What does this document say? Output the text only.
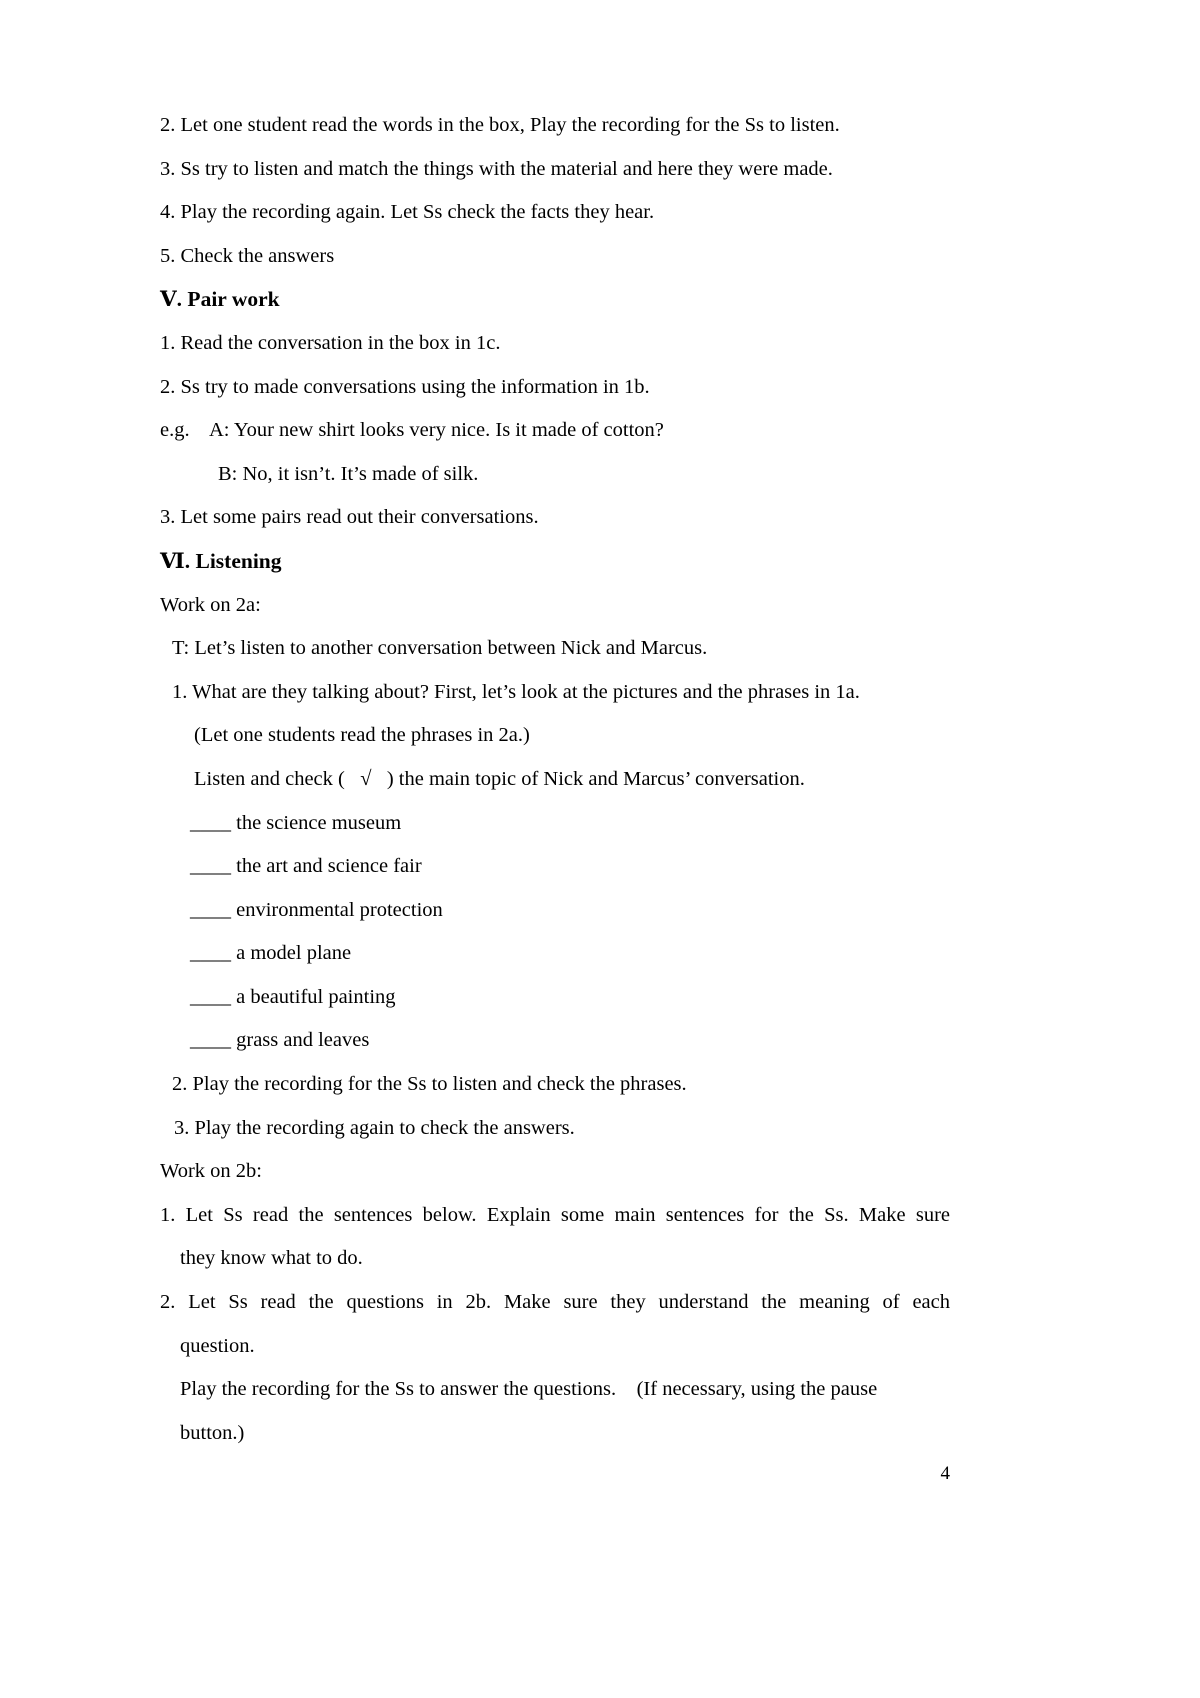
2. Let one student read the words in the box, Play the recording for the Ss to listen.
3. Ss try to listen and match the things with the material and here they were made.
4. Play the recording again. Let Ss check the facts they hear.
5. Check the answers
Ⅴ. Pair work
1. Read the conversation in the box in 1c.
2. Ss try to made conversations using the information in 1b.
e.g.    A: Your new shirt looks very nice. Is it made of cotton?
B: No, it isn’t. It’s made of silk.
3. Let some pairs read out their conversations.
Ⅵ. Listening
Work on 2a:
T: Let’s listen to another conversation between Nick and Marcus.
1. What are they talking about? First, let’s look at the pictures and the phrases in 1a.
(Let one students read the phrases in 2a.)
Listen and check (   √   ) the main topic of Nick and Marcus’ conversation.
____ the science museum
____ the art and science fair
____ environmental protection
____ a model plane
____ a beautiful painting
____ grass and leaves
2. Play the recording for the Ss to listen and check the phrases.
3. Play the recording again to check the answers.
Work on 2b:
1. Let Ss read the sentences below. Explain some main sentences for the Ss. Make sure
they know what to do.
2. Let Ss read the questions in 2b. Make sure they understand the meaning of each
question.
Play the recording for the Ss to answer the questions.    (If necessary, using the pause
button.)
4
